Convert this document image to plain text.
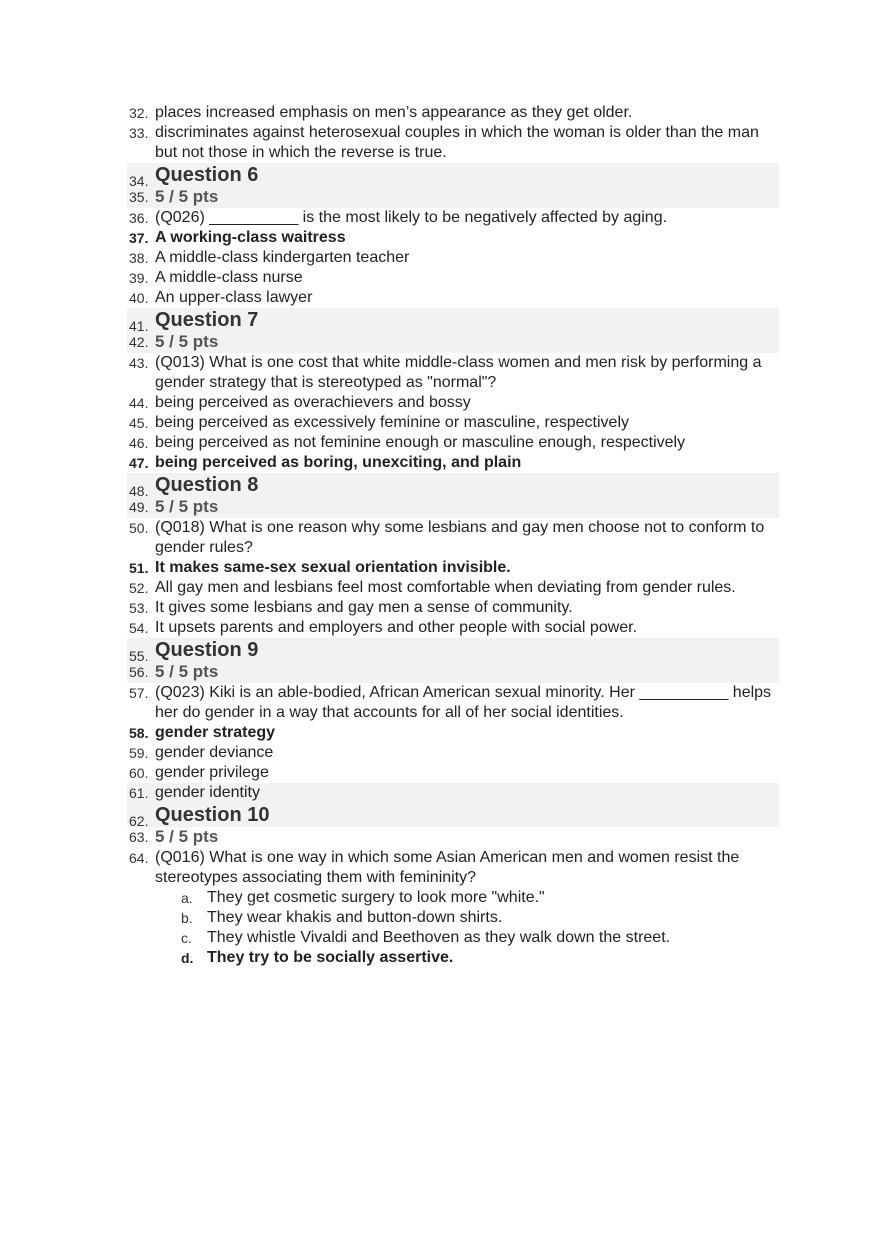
32. places increased emphasis on men’s appearance as they get older.
33. discriminates against heterosexual couples in which the woman is older than the man but not those in which the reverse is true.
34. Question 6
35. 5 / 5 pts
36. (Q026) __________ is the most likely to be negatively affected by aging.
37. A working-class waitress
38. A middle-class kindergarten teacher
39. A middle-class nurse
40. An upper-class lawyer
41. Question 7
42. 5 / 5 pts
43. (Q013) What is one cost that white middle-class women and men risk by performing a gender strategy that is stereotyped as "normal"?
44. being perceived as overachievers and bossy
45. being perceived as excessively feminine or masculine, respectively
46. being perceived as not feminine enough or masculine enough, respectively
47. being perceived as boring, unexciting, and plain
48. Question 8
49. 5 / 5 pts
50. (Q018) What is one reason why some lesbians and gay men choose not to conform to gender rules?
51. It makes same-sex sexual orientation invisible.
52. All gay men and lesbians feel most comfortable when deviating from gender rules.
53. It gives some lesbians and gay men a sense of community.
54. It upsets parents and employers and other people with social power.
55. Question 9
56. 5 / 5 pts
57. (Q023) Kiki is an able-bodied, African American sexual minority. Her __________ helps her do gender in a way that accounts for all of her social identities.
58. gender strategy
59. gender deviance
60. gender privilege
61. gender identity
62. Question 10
63. 5 / 5 pts
64. (Q016) What is one way in which some Asian American men and women resist the stereotypes associating them with femininity?
a. They get cosmetic surgery to look more "white."
b. They wear khakis and button-down shirts.
c. They whistle Vivaldi and Beethoven as they walk down the street.
d. They try to be socially assertive.
